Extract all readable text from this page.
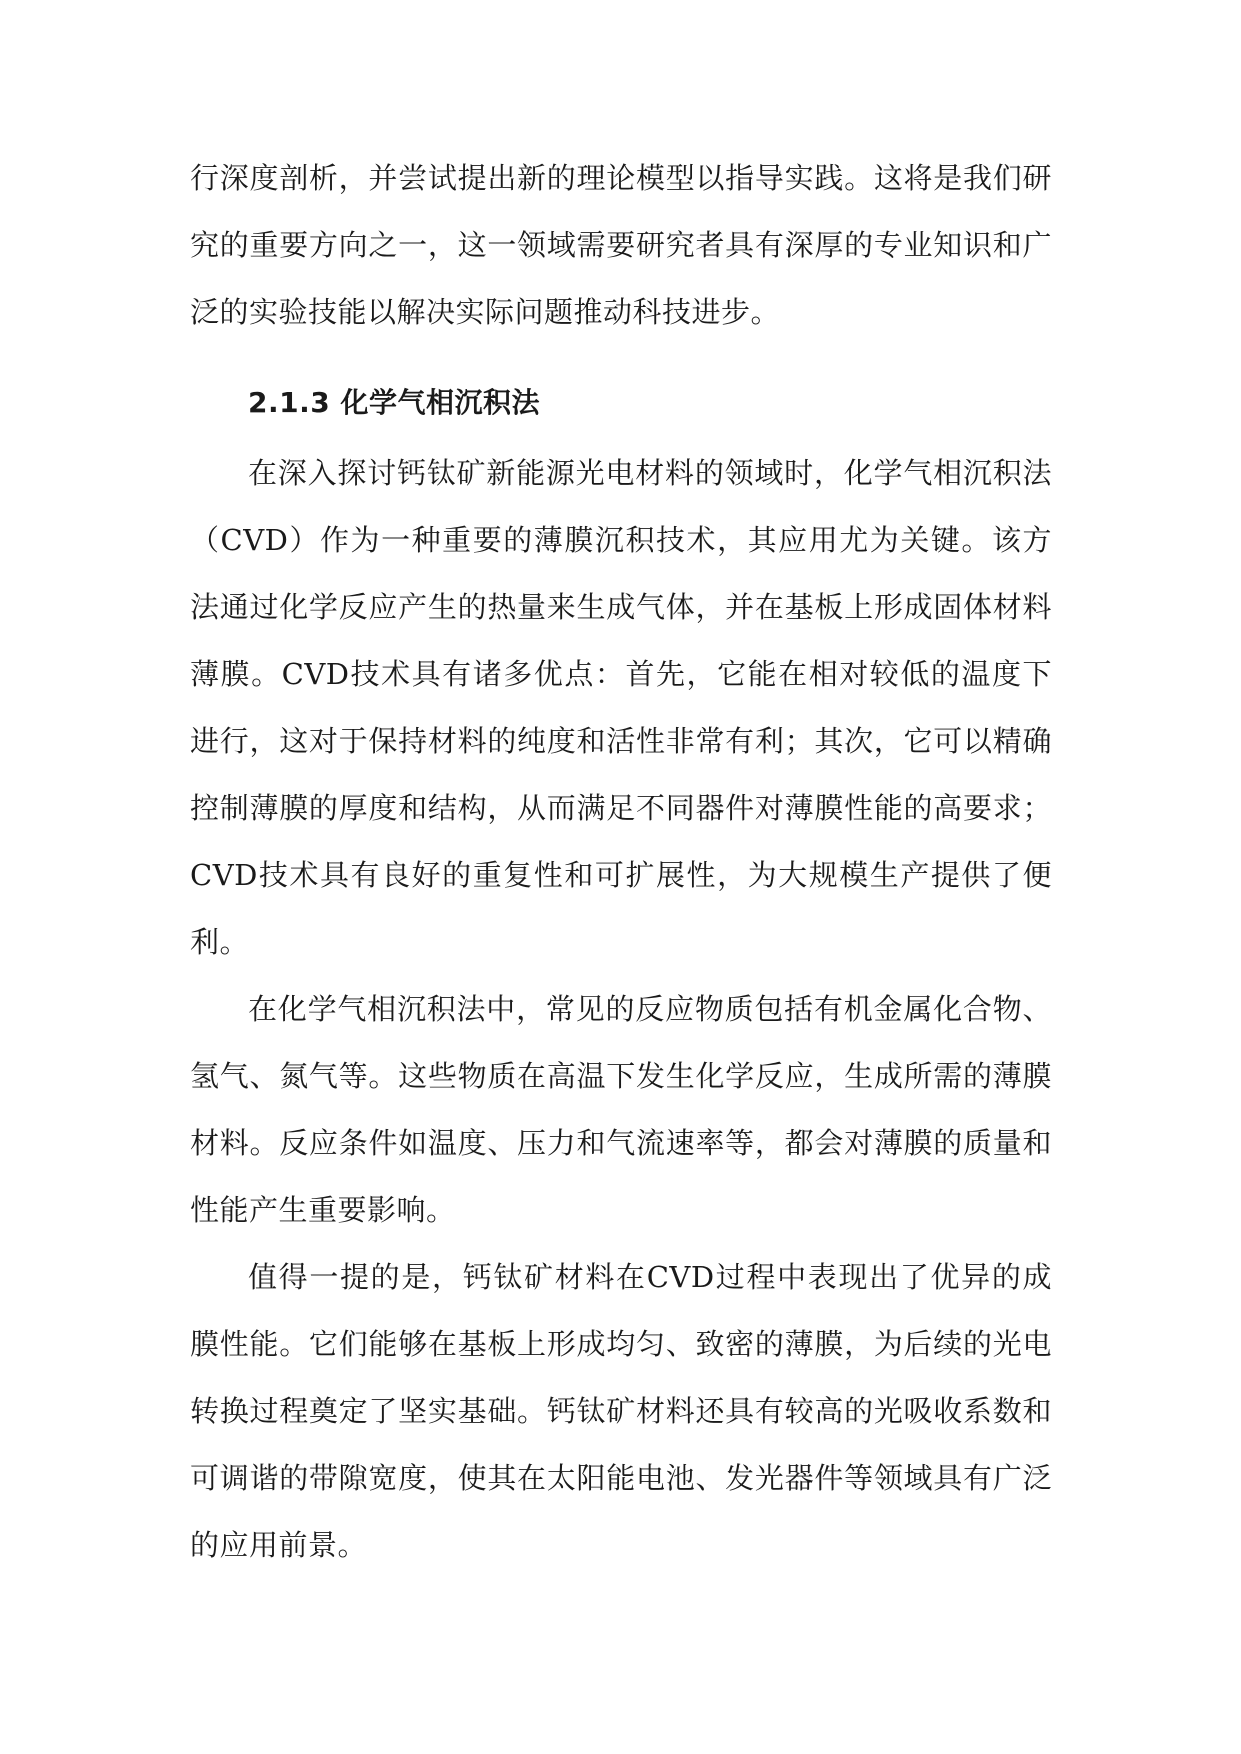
行深度剖析，并尝试提出新的理论模型以指导实践。这将是我们研究的重要方向之一，这一领域需要研究者具有深厚的专业知识和广泛的实验技能以解决实际问题推动科技进步。

2.1.3 化学气相沉积法

在深入探讨钙钛矿新能源光电材料的领域时，化学气相沉积法（CVD）作为一种重要的薄膜沉积技术，其应用尤为关键。该方法通过化学反应产生的热量来生成气体，并在基板上形成固体材料薄膜。CVD技术具有诸多优点：首先，它能在相对较低的温度下进行，这对于保持材料的纯度和活性非常有利；其次，它可以精确控制薄膜的厚度和结构，从而满足不同器件对薄膜性能的高要求；CVD技术具有良好的重复性和可扩展性，为大规模生产提供了便利。

在化学气相沉积法中，常见的反应物质包括有机金属化合物、氢气、氮气等。这些物质在高温下发生化学反应，生成所需的薄膜材料。反应条件如温度、压力和气流速率等，都会对薄膜的质量和性能产生重要影响。

值得一提的是，钙钛矿材料在CVD过程中表现出了优异的成膜性能。它们能够在基板上形成均匀、致密的薄膜，为后续的光电转换过程奠定了坚实基础。钙钛矿材料还具有较高的光吸收系数和可调谐的带隙宽度，使其在太阳能电池、发光器件等领域具有广泛的应用前景。
